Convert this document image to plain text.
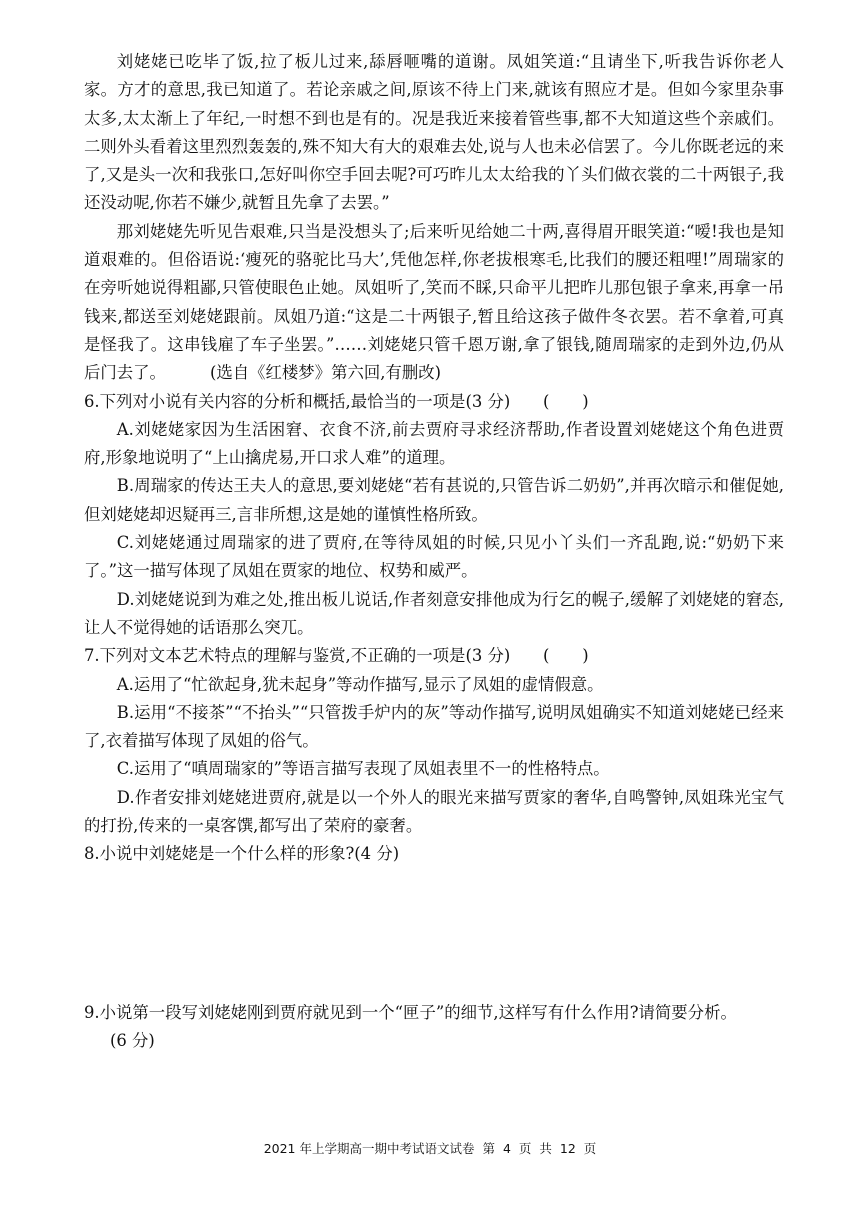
刘姥姥已吃毕了饭,拉了板儿过来,舔唇咂嘴的道谢。凤姐笑道:“且请坐下,听我告诉你老人家。方才的意思,我已知道了。若论亲戚之间,原该不待上门来,就该有照应才是。但如今家里杂事太多,太太渐上了年纪,一时想不到也是有的。况是我近来接着管些事,都不大知道这些个亲戚们。二则外头看着这里烈烈轰轰的,殊不知大有大的艰难去处,说与人也未必信罢了。今儿你既老远的来了,又是头一次和我张口,怎好叫你空手回去呢?可巧昨儿太太给我的丫头们做衣裳的二十两银子,我还没动呢,你若不嫌少,就暂且先拿了去罢。”

那刘姥姥先听见告艰难,只当是没想头了;后来听见给她二十两,喜得眉开眼笑道:“嗳!我也是知道艰难的。但俗语说:‘瘦死的骆驼比马大’,凭他怎样,你老拔根寒毛,比我们的腰还粗哩!”周瑞家的在旁听她说得粗鄙,只管使眼色止她。凤姐听了,笑而不睬,只命平儿把昨儿那包银子拿来,再拿一吊钱来,都送至刘姥姥跟前。凤姐乃道:“这是二十两银子,暂且给这孩子做件冬衣罢。若不拿着,可真是怪我了。这串钱雇了车子坐罢。”……刘姥姥只管千恩万谢,拿了银钱,随周瑞家的走到外边,仍从后门去了。	(选自《红楼梦》第六回,有删改)

6.下列对小说有关内容的分析和概括,最恰当的一项是(3 分)　　(　　)

A.刘姥姥家因为生活困窘、衣食不济,前去贾府寻求经济帮助,作者设置刘姥姥这个角色进贾府,形象地说明了“上山擒虎易,开口求人难”的道理。

B.周瑞家的传达王夫人的意思,要刘姥姥“若有甚说的,只管告诉二奶奶”,并再次暗示和催促她,但刘姥姥却迟疑再三,言非所想,这是她的谨慎性格所致。

C.刘姥姥通过周瑞家的进了贾府,在等待凤姐的时候,只见小丫头们一齐乱跑,说:“奶奶下来了。”这一描写体现了凤姐在贾家的地位、权势和威严。

D.刘姥姥说到为难之处,推出板儿说话,作者刻意安排他成为行乞的幌子,缓解了刘姥姥的窘态,让人不觉得她的话语那么突兀。

7.下列对文本艺术特点的理解与鉴赏,不正确的一项是(3 分)　　(　　)

A.运用了“忙欲起身,犹未起身”等动作描写,显示了凤姐的虚情假意。

B.运用“不接茶”“不抬头”“只管拨手炉内的灰”等动作描写,说明凤姐确实不知道刘姥姥已经来了,衣着描写体现了凤姐的俗气。

C.运用了“嗔周瑞家的”等语言描写表现了凤姐表里不一的性格特点。

D.作者安排刘姥姥进贾府,就是以一个外人的眼光来描写贾家的奢华,自鸣警钟,凤姐珠光宝气的打扮,传来的一桌客馔,都写出了荣府的豪奢。

8.小说中刘姥姥是一个什么样的形象?(4 分)

9.小说第一段写刘姥姥刚到贾府就见到一个“匣子”的细节,这样写有什么作用?请简要分析。

(6 分)

2021 年上学期高一期中考试语文试卷 第 4 页 共 12 页
